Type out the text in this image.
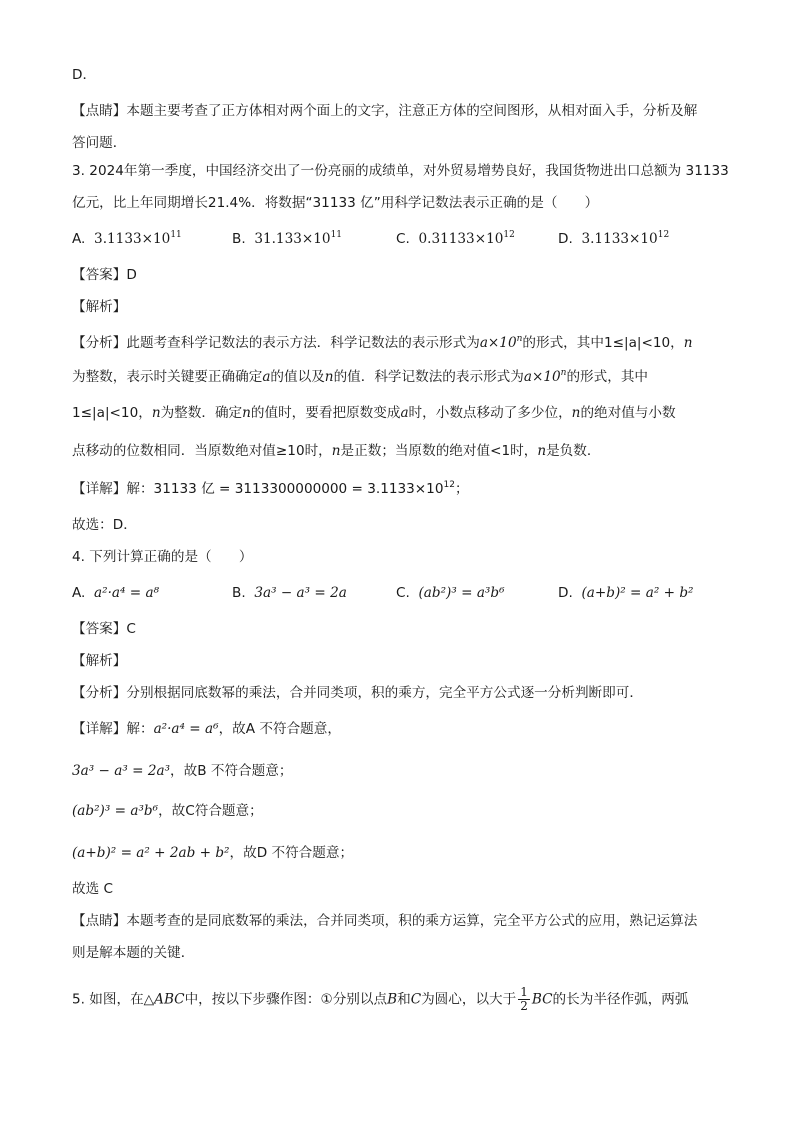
D．
【点睛】本题主要考查了正方体相对两个面上的文字，注意正方体的空间图形，从相对面入手，分析及解
答问题．
3. 2024年第一季度，中国经济交出了一份亮丽的成绩单，对外贸易增势良好，我国货物进出口总额为 31133
亿元，比上年同期增长21.4%．将数据“31133 亿”用科学记数法表示正确的是（　　）
A. $3.1133\times 10^{11}$	B. $31.133\times 10^{11}$	C. $0.31133\times 10^{12}$	D. $3.1133\times 10^{12}$
【答案】D
【解析】
【分析】此题考查科学记数法的表示方法．科学记数法的表示形式为$a\times 10^n$的形式，其中1≤|a|<10，n
为整数，表示时关键要正确确定a的值以及n的值．科学记数法的表示形式为$a\times 10^n$的形式，其中
1≤|a|<10，n为整数．确定n的值时，要看把原数变成a时，小数点移动了多少位，n的绝对值与小数
点移动的位数相同．当原数绝对值≥10时，n是正数；当原数的绝对值<1时，n是负数．
【详解】解：31133 亿 = $3113300000000 = 3.1133\times 10^{12}$；
故选：D．
4. 下列计算正确的是（　　）
A. a²·a⁴ = a⁸	B. 3a³ − a³ = 2a	C. (ab²)³ = a³b⁶	D. (a+b)² = a² + b²
【答案】C
【解析】
【分析】分别根据同底数幂的乘法，合并同类项，积的乘方，完全平方公式逐一分析判断即可．
【详解】解：a²·a⁴ = a⁶，故A 不符合题意，
3a³ − a³ = 2a³，故B 不符合题意；
(ab²)³ = a³b⁶，故C符合题意；
(a+b)² = a² + 2ab + b²，故D 不符合题意；
故选 C
【点睛】本题考查的是同底数幂的乘法，合并同类项，积的乘方运算，完全平方公式的应用，熟记运算法
则是解本题的关键．
5. 如图，在△ABC中，按以下步骤作图：①分别以点B和C为圆心，以大于 $\frac{1}{2}$ BC的长为半径作弧，两弧
